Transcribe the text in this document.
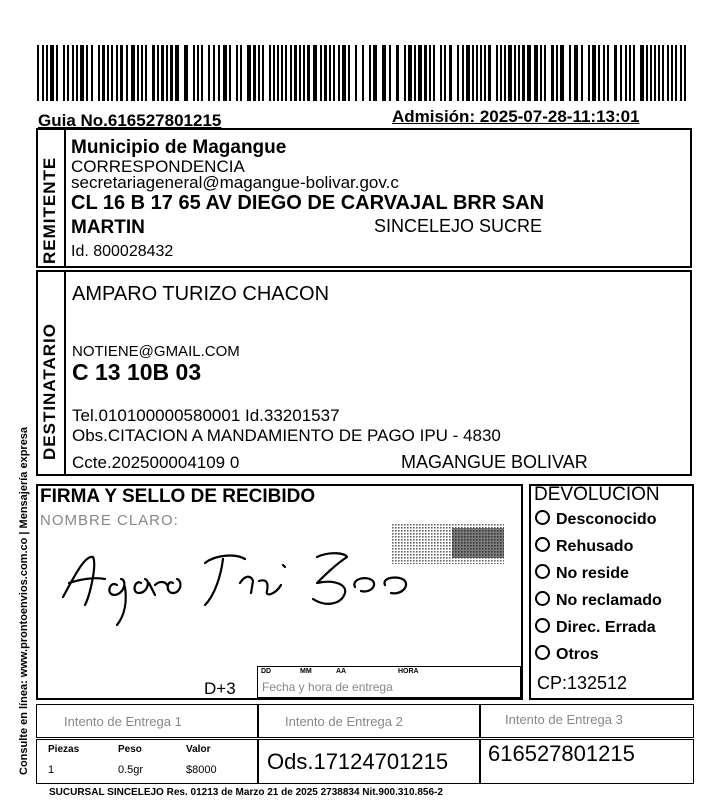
Guia No.616527801215	Admisión: 2025-07-28-11:13:01
REMITENTE
Municipio de Magangue
CORRESPONDENCIA
secretariageneral@magangue-bolivar.gov.c
CL 16 B 17 65 AV DIEGO DE CARVAJAL BRR SAN
MARTIN	SINCELEJO SUCRE
Id. 800028432
DESTINATARIO
AMPARO TURIZO CHACON
NOTIENE@GMAIL.COM
C 13 10B 03
Tel.010100000580001 Id.33201537
Obs.CITACION A MANDAMIENTO DE PAGO IPU - 4830
Ccte.202500004109 0	MAGANGUE BOLIVAR
Consulte en línea: www.prontoenvios.com.co | Mensajería expresa FIRMA Y SELLO DE RECIBIDO
NOMBRE CLARO:
D+3
DD	MM	AA	HORA
Fecha y hora de entrega
DEVOLUCION
Desconocido
Rehusado
No reside
No reclamado
Direc. Errada
Otros
CP:132512
Intento de Entrega 1	Intento de Entrega 2	Intento de Entrega 3
Piezas	Peso	Valor
1	0.5gr	$8000 Ods.17124701215 616527801215
SUCURSAL SINCELEJO Res. 01213 de Marzo 21 de 2025 2738834 Nit.900.310.856-2
